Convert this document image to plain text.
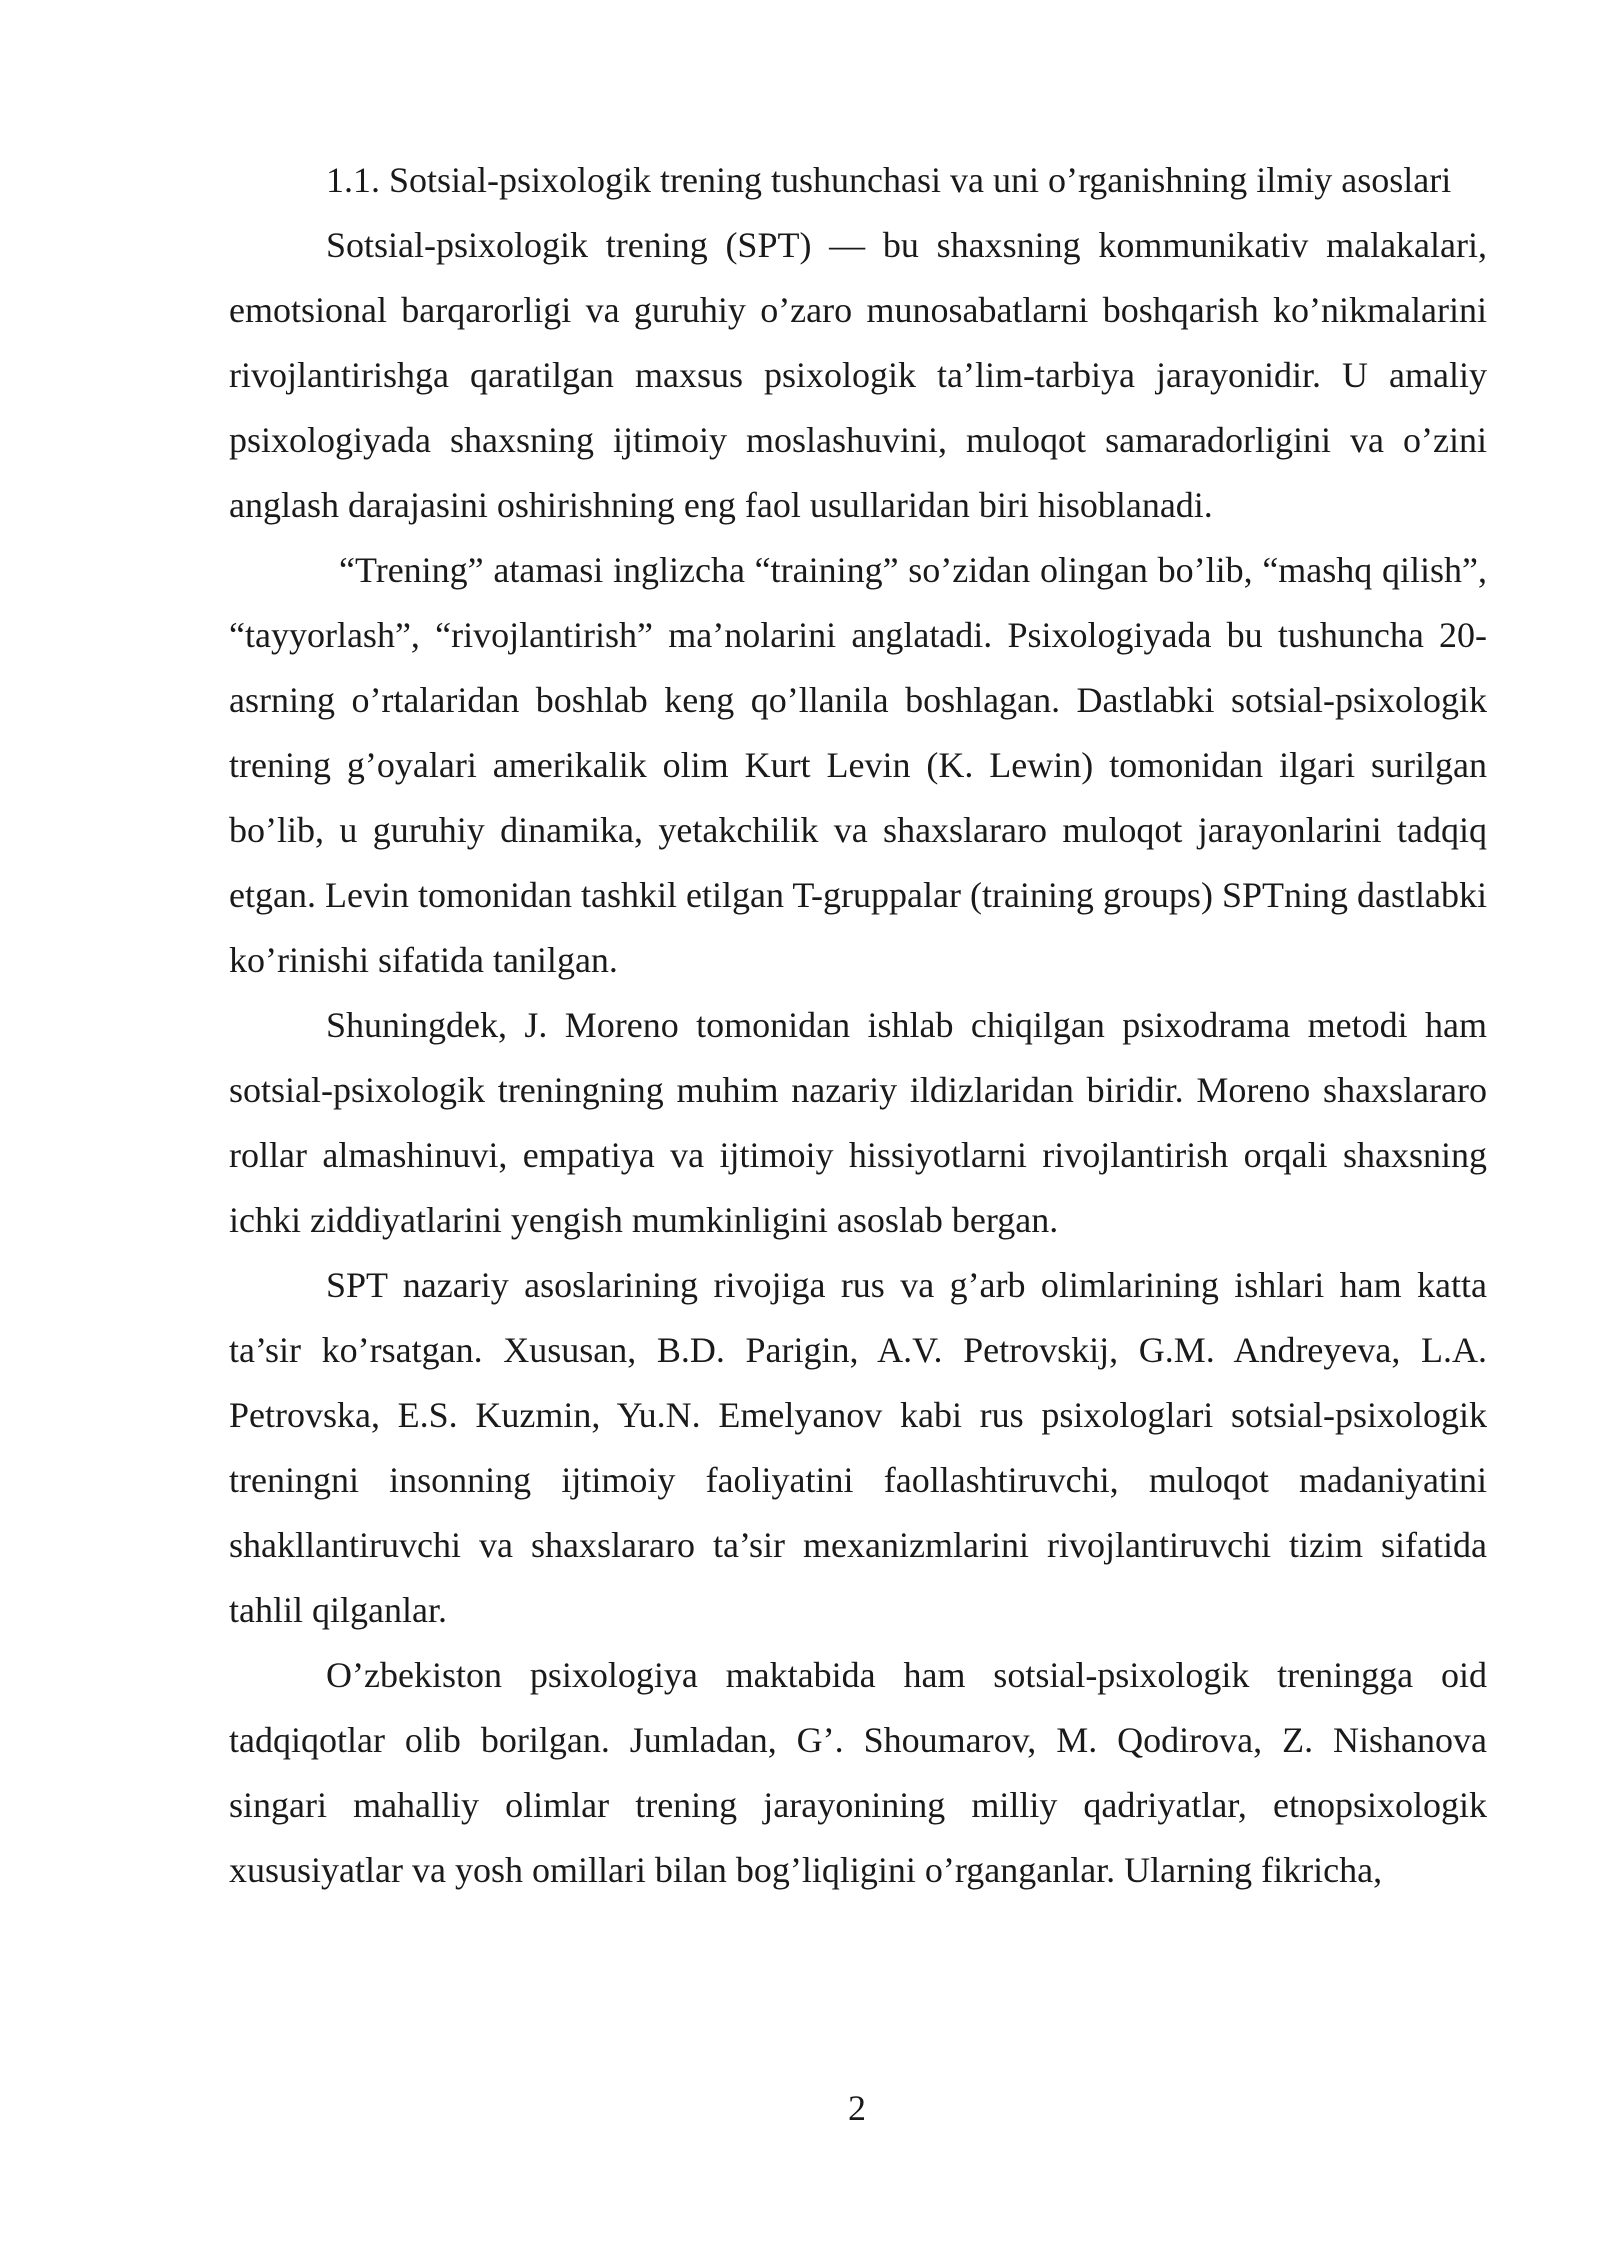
1.1. Sotsial-psixologik trening tushunchasi va uni o’rganishning ilmiy asoslari

Sotsial-psixologik trening (SPT) — bu shaxsning kommunikativ malakalari, emotsional barqarorligi va guruhiy o’zaro munosabatlarni boshqarish ko’nikmalarini rivojlantirishga qaratilgan maxsus psixologik ta’lim-tarbiya jarayonidir. U amaliy psixologiyada shaxsning ijtimoiy moslashuvini, muloqot samaradorligini va o’zini anglash darajasini oshirishning eng faol usullaridan biri hisoblanadi.

“Trening” atamasi inglizcha “training” so’zidan olingan bo’lib, “mashq qilish”, “tayyorlash”, “rivojlantirish” ma’nolarini anglatadi. Psixologiyada bu tushuncha 20-asrning o’rtalaridan boshlab keng qo’llanila boshlagan. Dastlabki sotsial-psixologik trening g’oyalari amerikalik olim Kurt Levin (K. Lewin) tomonidan ilgari surilgan bo’lib, u guruhiy dinamika, yetakchilik va shaxslararo muloqot jarayonlarini tadqiq etgan. Levin tomonidan tashkil etilgan T-gruppalar (training groups) SPTning dastlabki ko’rinishi sifatida tanilgan.

Shuningdek, J. Moreno tomonidan ishlab chiqilgan psixodrama metodi ham sotsial-psixologik treningning muhim nazariy ildizlaridan biridir. Moreno shaxslararo rollar almashinuvi, empatiya va ijtimoiy hissiyotlarni rivojlantirish orqali shaxsning ichki ziddiyatlarini yengish mumkinligini asoslab bergan.

SPT nazariy asoslarining rivojiga rus va g’arb olimlarining ishlari ham katta ta’sir ko’rsatgan. Xususan, B.D. Parigin, A.V. Petrovskij, G.M. Andreyeva, L.A. Petrovska, E.S. Kuzmin, Yu.N. Emelyanov kabi rus psixologlari sotsial-psixologik treningni insonning ijtimoiy faoliyatini faollashtiruvchi, muloqot madaniyatini shakllantiruvchi va shaxslararo ta’sir mexanizmlarini rivojlantiruvchi tizim sifatida tahlil qilganlar.

O’zbekiston psixologiya maktabida ham sotsial-psixologik treningga oid tadqiqotlar olib borilgan. Jumladan, G’. Shoumarov, M. Qodirova, Z. Nishanova singari mahalliy olimlar trening jarayonining milliy qadriyatlar, etnopsixologik xususiyatlar va yosh omillari bilan bog’liqligini o’rganganlar. Ularning fikricha,

2
